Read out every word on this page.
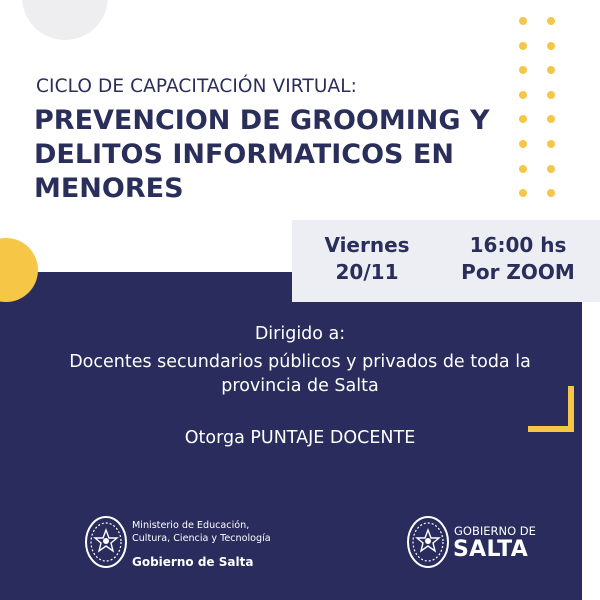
CICLO DE CAPACITACIÓN VIRTUAL:
PREVENCION DE GROOMING Y
DELITOS INFORMATICOS EN
MENORES
Viernes
20/11
16:00 hs
Por ZOOM
Dirigido a:
Docentes secundarios públicos y privados de toda la
provincia de Salta
Otorga PUNTAJE DOCENTE
Ministerio de Educación,
Cultura, Ciencia y Tecnología
Gobierno de Salta
GOBIERNO DE
SALTA
